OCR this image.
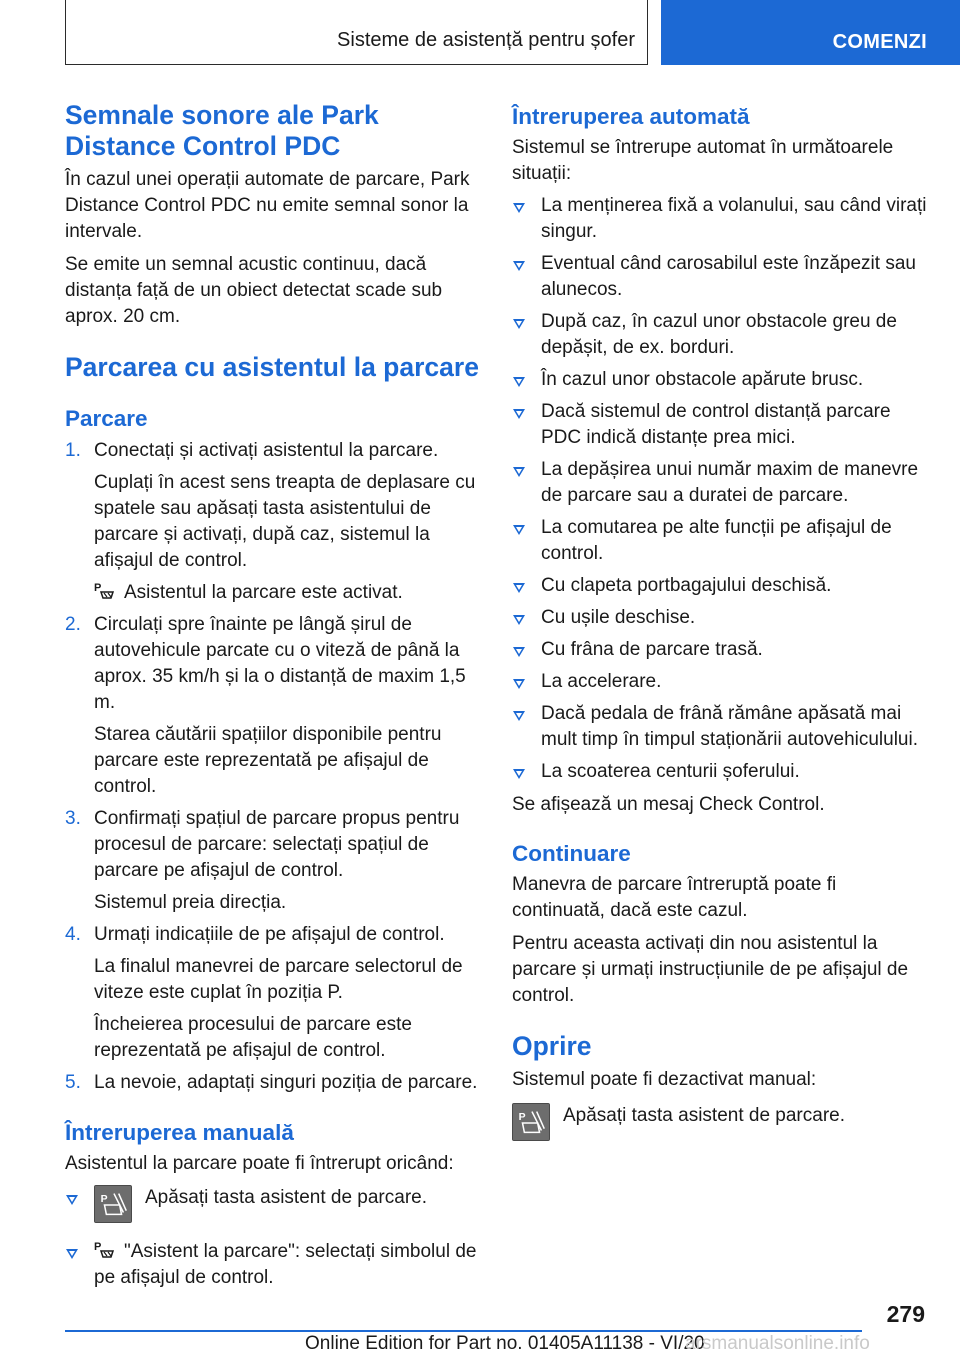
Sisteme de asistență pentru șofer	COMENZI
Semnale sonore ale Park
Distance Control PDC
În cazul unei operații automate de parcare, Park Distance Control PDC nu emite semnal sonor la intervale.
Se emite un semnal acustic continuu, dacă distanța față de un obiect detectat scade sub aprox. 20 cm.
Parcarea cu asistentul la parcare
Parcare
1. Conectați și activați asistentul la parcare.
Cuplați în acest sens treapta de deplasare cu spatele sau apăsați tasta asistentului de parcare și activați, după caz, sistemul la afișajul de control.
P Asistentul la parcare este activat.
2. Circulați spre înainte pe lângă șirul de autovehicule parcate cu o viteză de până la aprox. 35 km/h și la o distanță de maxim 1,5 m.
Starea căutării spațiilor disponibile pentru parcare este reprezentată pe afișajul de control.
3. Confirmați spațiul de parcare propus pentru procesul de parcare: selectați spațiul de parcare pe afișajul de control.
Sistemul preia direcția.
4. Urmați indicațiile de pe afișajul de control.
La finalul manevrei de parcare selectorul de viteze este cuplat în poziția P.
Încheierea procesului de parcare este reprezentată pe afișajul de control.
5. La nevoie, adaptați singuri poziția de parcare.
Întreruperea manuală
Asistentul la parcare poate fi întrerupt oricând:
P	Apăsați tasta asistent de parcare.
P "Asistent la parcare": selectați simbolul de pe afișajul de control.
Întreruperea automată
Sistemul se întrerupe automat în următoarele situații:
La menținerea fixă a volanului, sau când virați singur.
Eventual când carosabilul este înzăpezit sau alunecos.
După caz, în cazul unor obstacole greu de depășit, de ex. borduri.
În cazul unor obstacole apărute brusc.
Dacă sistemul de control distanță parcare PDC indică distanțe prea mici.
La depășirea unui număr maxim de manevre de parcare sau a duratei de parcare.
La comutarea pe alte funcții pe afișajul de control.
Cu clapeta portbagajului deschisă.
Cu ușile deschise.
Cu frâna de parcare trasă.
La accelerare.
Dacă pedala de frână rămâne apăsată mai mult timp în timpul staționării autovehiculului.
La scoaterea centurii șoferului.
Se afișează un mesaj Check Control.
Continuare
Manevra de parcare întreruptă poate fi continuată, dacă este cazul.
Pentru aceasta activați din nou asistentul la parcare și urmați instrucțiunile de pe afișajul de control.
Oprire
Sistemul poate fi dezactivat manual:
P	Apăsați tasta asistent de parcare.
279
Online Edition for Part no. 01405A11138 - VI/20
arsmanualsonline.info
